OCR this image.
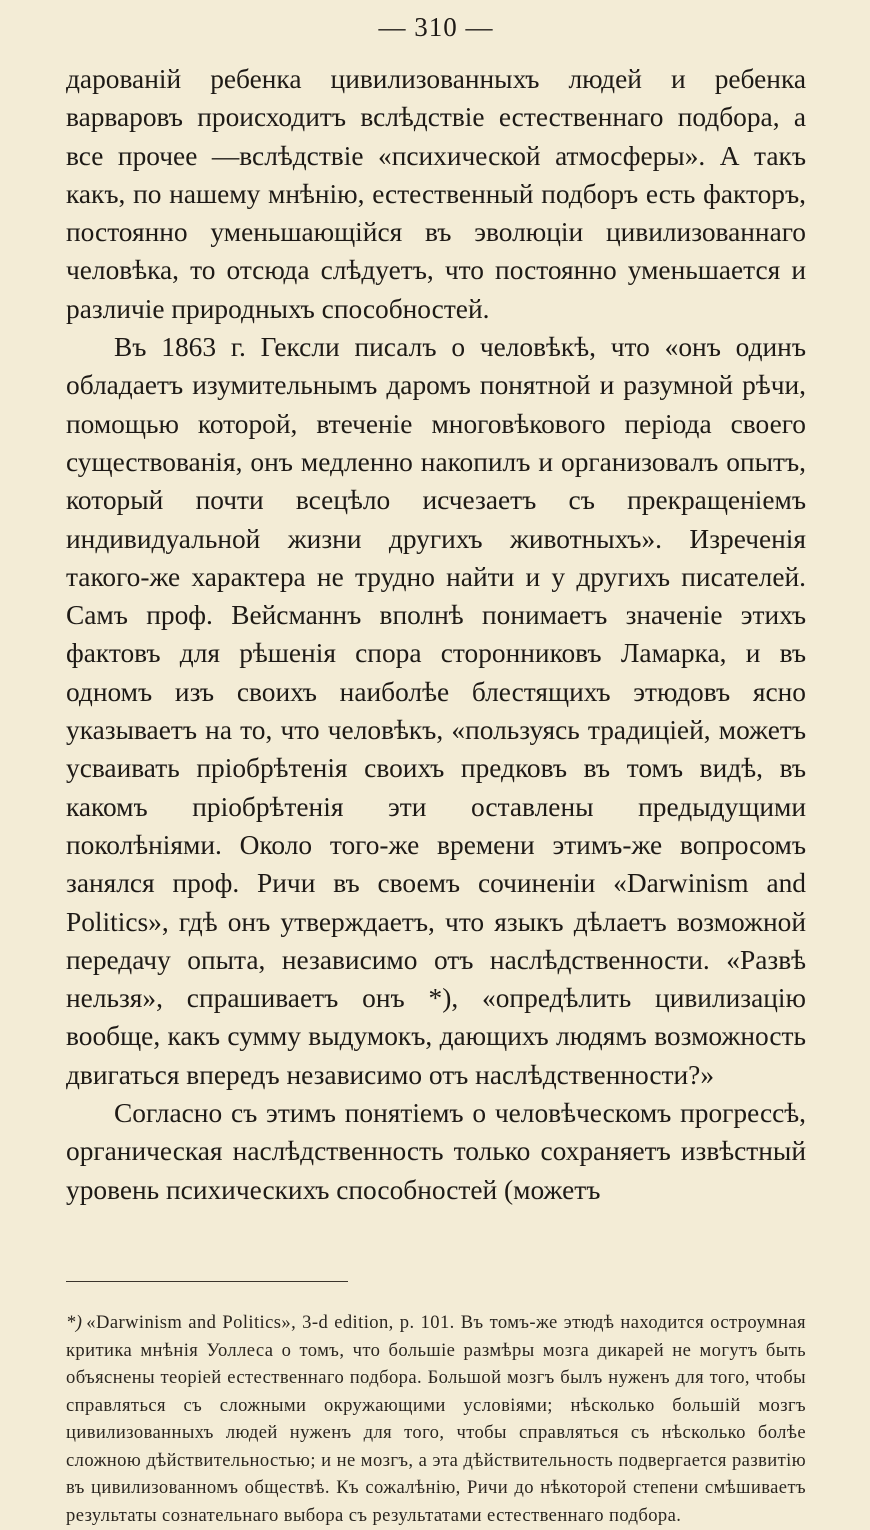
— 310 —

дарованій ребенка цивилизованныхъ людей и ребенка варваровъ происходитъ вслѣдствіе естественнаго подбора, а все прочее —вслѣдствіе «психической атмосферы». А такъ какъ, по нашему мнѣнію, естественный подборъ есть факторъ, постоянно уменьшающійся въ эволюціи цивилизованнаго человѣка, то отсюда слѣдуетъ, что постоянно уменьшается и различіе природныхъ способностей.

Въ 1863 г. Гексли писалъ о человѣкѣ, что «онъ одинъ обладаетъ изумительнымъ даромъ понятной и разумной рѣчи, помощью которой, втеченіе многовѣкового періода своего существованія, онъ медленно накопилъ и организовалъ опытъ, который почти всецѣло исчезаетъ съ прекращеніемъ индивидуальной жизни другихъ животныхъ». Изреченія такого-же характера не трудно найти и у другихъ писателей. Самъ проф. Вейсманнъ вполнѣ понимаетъ значеніе этихъ фактовъ для рѣшенія спора сторонниковъ Ламарка, и въ одномъ изъ своихъ наиболѣе блестящихъ этюдовъ ясно указываетъ на то, что человѣкъ, «пользуясь традиціей, можетъ усваивать пріобрѣтенія своихъ предковъ въ томъ видѣ, въ какомъ пріобрѣтенія эти оставлены предыдущими поколѣніями. Около того-же времени этимъ-же вопросомъ занялся проф. Ричи въ своемъ сочиненіи «Darwinism and Politics», гдѣ онъ утверждаетъ, что языкъ дѣлаетъ возможной передачу опыта, независимо отъ наслѣдственности. «Развѣ нельзя», спрашиваетъ онъ *), «опредѣлить цивилизацію вообще, какъ сумму выдумокъ, дающихъ людямъ возможность двигаться впередъ независимо отъ наслѣдственности?»

Согласно съ этимъ понятіемъ о человѣческомъ прогрессѣ, органическая наслѣдственность только сохраняетъ извѣстный уровень психическихъ способностей (можетъ

*) «Darwinism and Politics», 3-d edition, p. 101. Въ томъ-же этюдѣ находится остроумная критика мнѣнія Уоллеса о томъ, что большіе размѣры мозга дикарей не могутъ быть объяснены теоріей естественнаго подбора. Большой мозгъ былъ нуженъ для того, чтобы справляться съ сложными окружающими условіями; нѣсколько большій мозгъ цивилизованныхъ людей нуженъ для того, чтобы справляться съ нѣсколько болѣе сложною дѣйствительностью; и не мозгъ, а эта дѣйствительность подвергается развитію въ цивилизованномъ обществѣ. Къ сожалѣнію, Ричи до нѣкоторой степени смѣшиваетъ результаты сознательнаго выбора съ результатами естественнаго подбора.
